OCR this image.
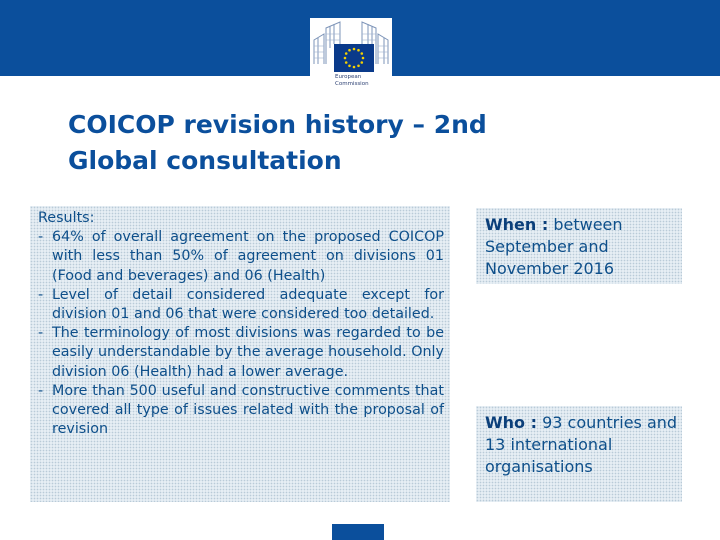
European
Commission
COICOP revision history – 2nd
Global consultation
Results:
- 64% of overall agreement on the proposed COICOP with less than 50% of agreement on divisions 01 (Food and beverages) and 06 (Health)
- Level of detail considered adequate except for division 01 and 06 that were considered too detailed.
- The terminology of most divisions was regarded to be easily understandable by the average household. Only division 06 (Health) had a lower average.
- More than 500 useful and constructive comments that covered all type of issues related with the proposal of revision
When : between September and November 2016
Who : 93 countries and 13 international organisations
